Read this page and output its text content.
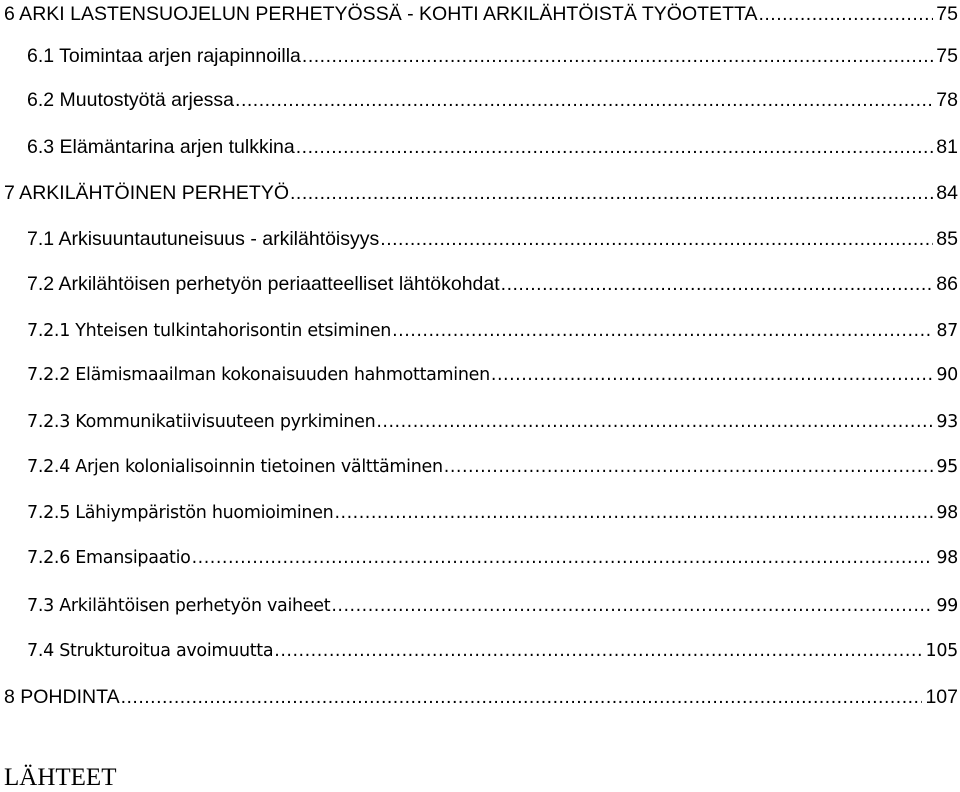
6 ARKI LASTENSUOJELUN PERHETYÖSSÄ - KOHTI ARKILÄHTÖISTÄ TYÖOTETTA .....	75
6.1 Toimintaa arjen rajapinnoilla .....	75
6.2 Muutostyötä arjessa .....	78
6.3 Elämäntarina arjen tulkkina .....	81
7 ARKILÄHTÖINEN PERHETYÖ .....	84
7.1 Arkisuuntautuneisuus - arkilähtöisyys .....	85
7.2 Arkilähtöisen perhetyön periaatteelliset lähtökohdat .....	86
7.2.1 Yhteisen tulkintahorisontin etsiminen .....	87
7.2.2 Elämismaailman kokonaisuuden hahmottaminen .....	90
7.2.3 Kommunikatiivisuuteen pyrkiminen .....	93
7.2.4 Arjen kolonialisoinnin tietoinen välttäminen .....	95
7.2.5 Lähiympäristön huomioiminen .....	98
7.2.6 Emansipaatio .....	98
7.3 Arkilähtöisen perhetyön vaiheet .....	99
7.4 Strukturoitua avoimuutta .....	105
8 POHDINTA .....	107
LÄHTEET
